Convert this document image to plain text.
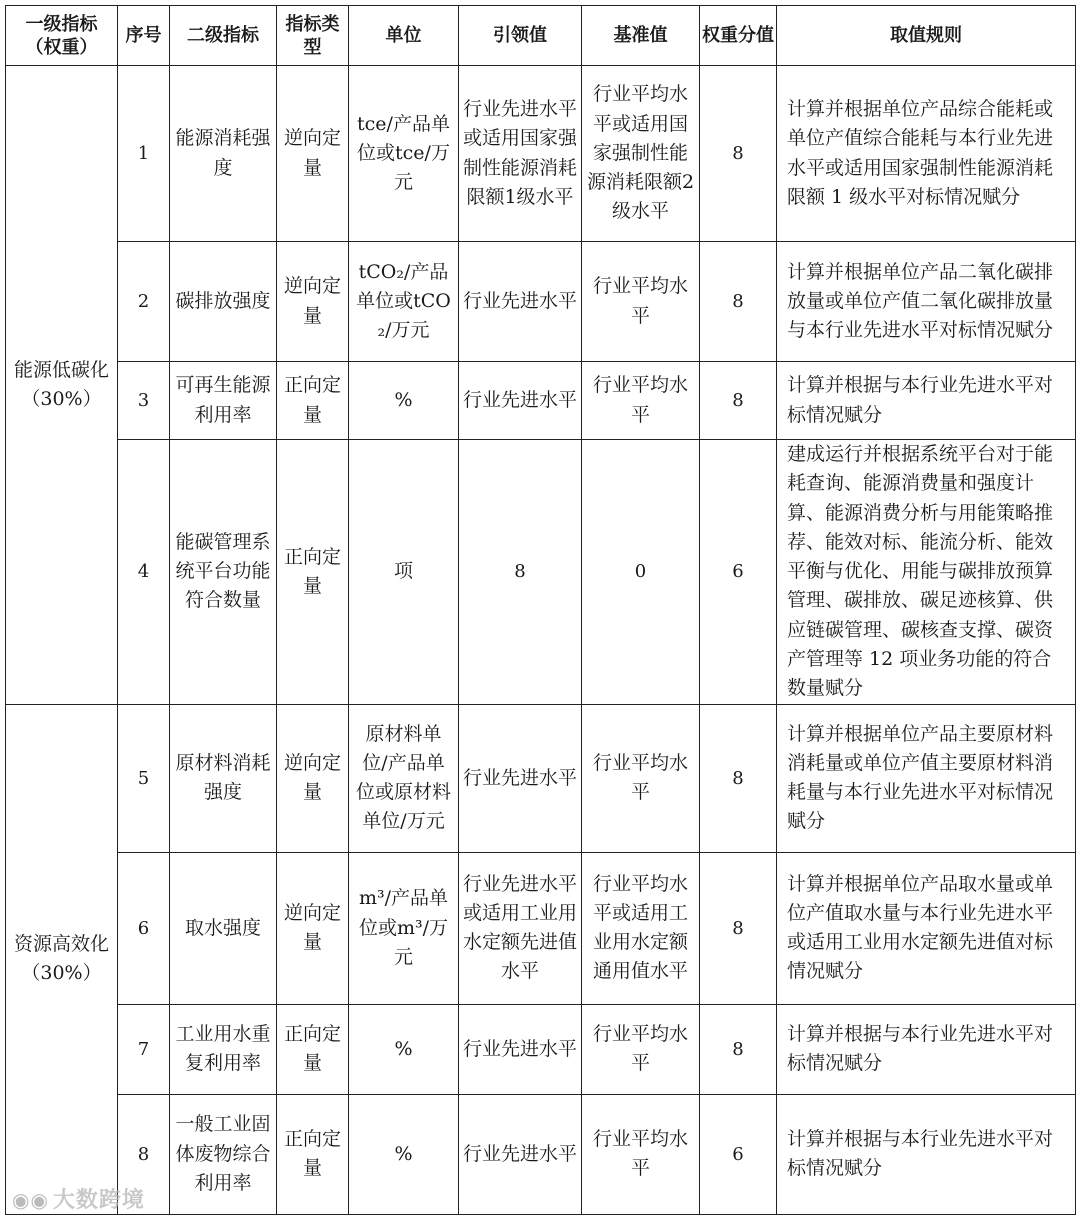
一级指标（权重）	序号	二级指标	指标类型	单位	引领值	基准值	权重分值	取值规则
能源低碳化（30%）	1	能源消耗强度	逆向定量	tce/产品单位或tce/万元	行业先进水平或适用国家强制性能源消耗限额1级水平	行业平均水平或适用国家强制性能源消耗限额2级水平	8	计算并根据单位产品综合能耗或单位产值综合能耗与本行业先进水平或适用国家强制性能源消耗限额 1 级水平对标情况赋分
	2	碳排放强度	逆向定量	tCO₂/产品单位或tCO₂/万元	行业先进水平	行业平均水平	8	计算并根据单位产品二氧化碳排放量或单位产值二氧化碳排放量与本行业先进水平对标情况赋分
	3	可再生能源利用率	正向定量	%	行业先进水平	行业平均水平	8	计算并根据与本行业先进水平对标情况赋分
	4	能碳管理系统平台功能符合数量	正向定量	项	8	0	6	建成运行并根据系统平台对于能耗查询、能源消费量和强度计算、能源消费分析与用能策略推荐、能效对标、能流分析、能效平衡与优化、用能与碳排放预算管理、碳排放、碳足迹核算、供应链碳管理、碳核查支撑、碳资产管理等 12 项业务功能的符合数量赋分
资源高效化（30%）	5	原材料消耗强度	逆向定量	原材料单位/产品单位或原材料单位/万元	行业先进水平	行业平均水平	8	计算并根据单位产品主要原材料消耗量或单位产值主要原材料消耗量与本行业先进水平对标情况赋分
	6	取水强度	逆向定量	m³/产品单位或m³/万元	行业先进水平或适用工业用水定额先进值水平	行业平均水平或适用工业用水定额通用值水平	8	计算并根据单位产品取水量或单位产值取水量与本行业先进水平或适用工业用水定额先进值对标情况赋分
	7	工业用水重复利用率	正向定量	%	行业先进水平	行业平均水平	8	计算并根据与本行业先进水平对标情况赋分
	8	一般工业固体废物综合利用率	正向定量	%	行业先进水平	行业平均水平	6	计算并根据与本行业先进水平对标情况赋分
◉◉ 大数跨境
